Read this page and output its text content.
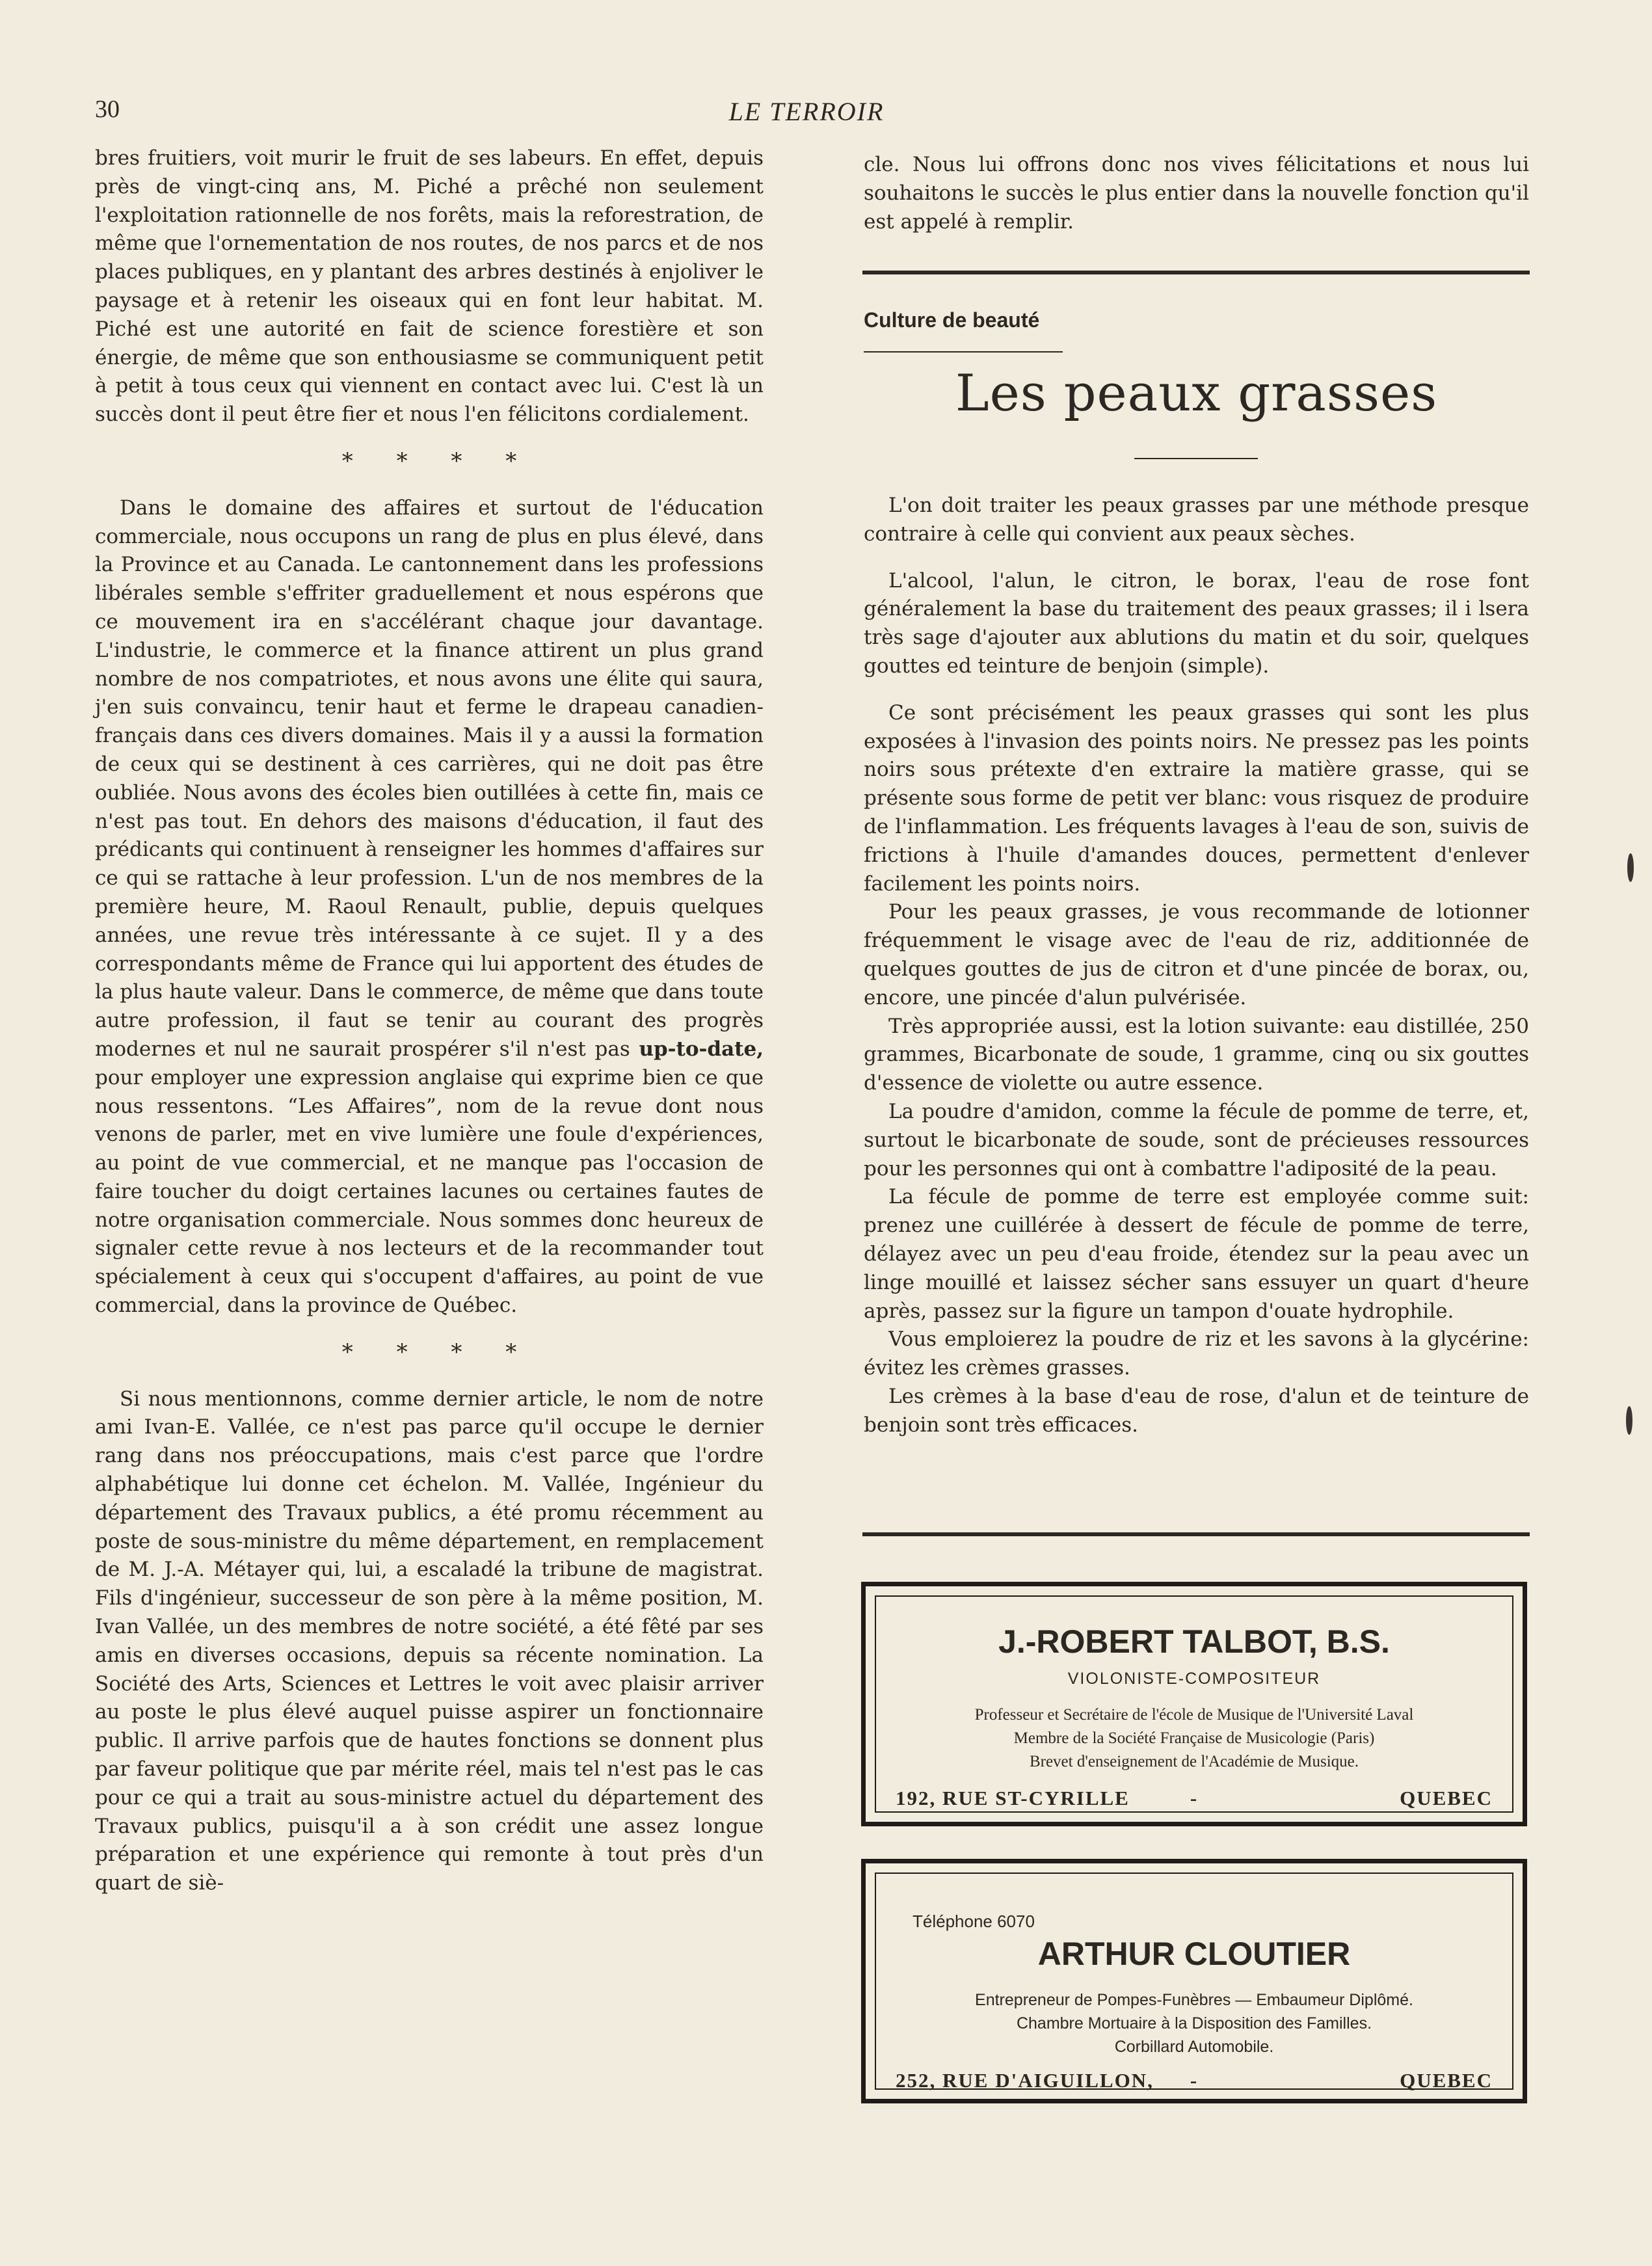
30	LE TERROIR

bres fruitiers, voit murir le fruit de ses labeurs. En effet, depuis près de vingt-cinq ans, M. Piché a prêché non seulement l'exploitation rationnelle de nos forêts, mais la reforestration, de même que l'ornementation de nos routes, de nos parcs et de nos places publiques, en y plantant des arbres destinés à enjoliver le paysage et à retenir les oiseaux qui en font leur habitat. M. Piché est une autorité en fait de science forestière et son énergie, de même que son enthousiasme se communiquent petit à petit à tous ceux qui viennent en contact avec lui. C'est là un succès dont il peut être fier et nous l'en félicitons cordialement.

* * * *

Dans le domaine des affaires et surtout de l'éducation commerciale, nous occupons un rang de plus en plus élevé, dans la Province et au Canada. Le cantonnement dans les professions libérales semble s'effriter graduellement et nous espérons que ce mouvement ira en s'accélérant chaque jour davantage. L'industrie, le commerce et la finance attirent un plus grand nombre de nos compatriotes, et nous avons une élite qui saura, j'en suis convaincu, tenir haut et ferme le drapeau canadien-français dans ces divers domaines. Mais il y a aussi la formation de ceux qui se destinent à ces carrières, qui ne doit pas être oubliée. Nous avons des écoles bien outillées à cette fin, mais ce n'est pas tout. En dehors des maisons d'éducation, il faut des prédicants qui continuent à renseigner les hommes d'affaires sur ce qui se rattache à leur profession. L'un de nos membres de la première heure, M. Raoul Renault, publie, depuis quelques années, une revue très intéressante à ce sujet. Il y a des correspondants même de France qui lui apportent des études de la plus haute valeur. Dans le commerce, de même que dans toute autre profession, il faut se tenir au courant des progrès modernes et nul ne saurait prospérer s'il n'est pas up-to-date, pour employer une expression anglaise qui exprime bien ce que nous ressentons. “Les Affaires”, nom de la revue dont nous venons de parler, met en vive lumière une foule d'expériences, au point de vue commercial, et ne manque pas l'occasion de faire toucher du doigt certaines lacunes ou certaines fautes de notre organisation commerciale. Nous sommes donc heureux de signaler cette revue à nos lecteurs et de la recommander tout spécialement à ceux qui s'occupent d'affaires, au point de vue commercial, dans la province de Québec.

* * * *

Si nous mentionnons, comme dernier article, le nom de notre ami Ivan-E. Vallée, ce n'est pas parce qu'il occupe le dernier rang dans nos préoccupations, mais c'est parce que l'ordre alphabétique lui donne cet échelon. M. Vallée, Ingénieur du département des Travaux publics, a été promu récemment au poste de sous-ministre du même département, en remplacement de M. J.-A. Métayer qui, lui, a escaladé la tribune de magistrat. Fils d'ingénieur, successeur de son père à la même position, M. Ivan Vallée, un des membres de notre société, a été fêté par ses amis en diverses occasions, depuis sa récente nomination. La Société des Arts, Sciences et Lettres le voit avec plaisir arriver au poste le plus élevé auquel puisse aspirer un fonctionnaire public. Il arrive parfois que de hautes fonctions se donnent plus par faveur politique que par mérite réel, mais tel n'est pas le cas pour ce qui a trait au sous-ministre actuel du département des Travaux publics, puisqu'il a à son crédit une assez longue préparation et une expérience qui remonte à tout près d'un quart de siè-

cle. Nous lui offrons donc nos vives félicitations et nous lui souhaitons le succès le plus entier dans la nouvelle fonction qu'il est appelé à remplir.

Culture de beauté
Les peaux grasses

L'on doit traiter les peaux grasses par une méthode presque contraire à celle qui convient aux peaux sèches.

L'alcool, l'alun, le citron, le borax, l'eau de rose font généralement la base du traitement des peaux grasses; il i lsera très sage d'ajouter aux ablutions du matin et du soir, quelques gouttes ed teinture de benjoin (simple).

Ce sont précisément les peaux grasses qui sont les plus exposées à l'invasion des points noirs. Ne pressez pas les points noirs sous prétexte d'en extraire la matière grasse, qui se présente sous forme de petit ver blanc: vous risquez de produire de l'inflammation. Les fréquents lavages à l'eau de son, suivis de frictions à l'huile d'amandes douces, permettent d'enlever facilement les points noirs.

Pour les peaux grasses, je vous recommande de lotionner fréquemment le visage avec de l'eau de riz, additionnée de quelques gouttes de jus de citron et d'une pincée de borax, ou, encore, une pincée d'alun pulvérisée.

Très appropriée aussi, est la lotion suivante: eau distillée, 250 grammes, Bicarbonate de soude, 1 gramme, cinq ou six gouttes d'essence de violette ou autre essence.

La poudre d'amidon, comme la fécule de pomme de terre, et, surtout le bicarbonate de soude, sont de précieuses ressources pour les personnes qui ont à combattre l'adiposité de la peau.

La fécule de pomme de terre est employée comme suit: prenez une cuillérée à dessert de fécule de pomme de terre, délayez avec un peu d'eau froide, étendez sur la peau avec un linge mouillé et laissez sécher sans essuyer un quart d'heure après, passez sur la figure un tampon d'ouate hydrophile.

Vous emploierez la poudre de riz et les savons à la glycérine: évitez les crèmes grasses.

Les crèmes à la base d'eau de rose, d'alun et de teinture de benjoin sont très efficaces.

J.-ROBERT TALBOT, B.S.
VIOLONISTE-COMPOSITEUR
Professeur et Secrétaire de l'école de Musique de l'Université Laval
Membre de la Société Française de Musicologie (Paris)
Brevet d'enseignement de l'Académie de Musique.
192, RUE ST-CYRILLE	-	QUEBEC
Téléphone 6070
ARTHUR CLOUTIER
Entrepreneur de Pompes-Funèbres — Embaumeur Diplômé.
Chambre Mortuaire à la Disposition des Familles.
Corbillard Automobile.
252, RUE D'AIGUILLON,	-	QUEBEC
